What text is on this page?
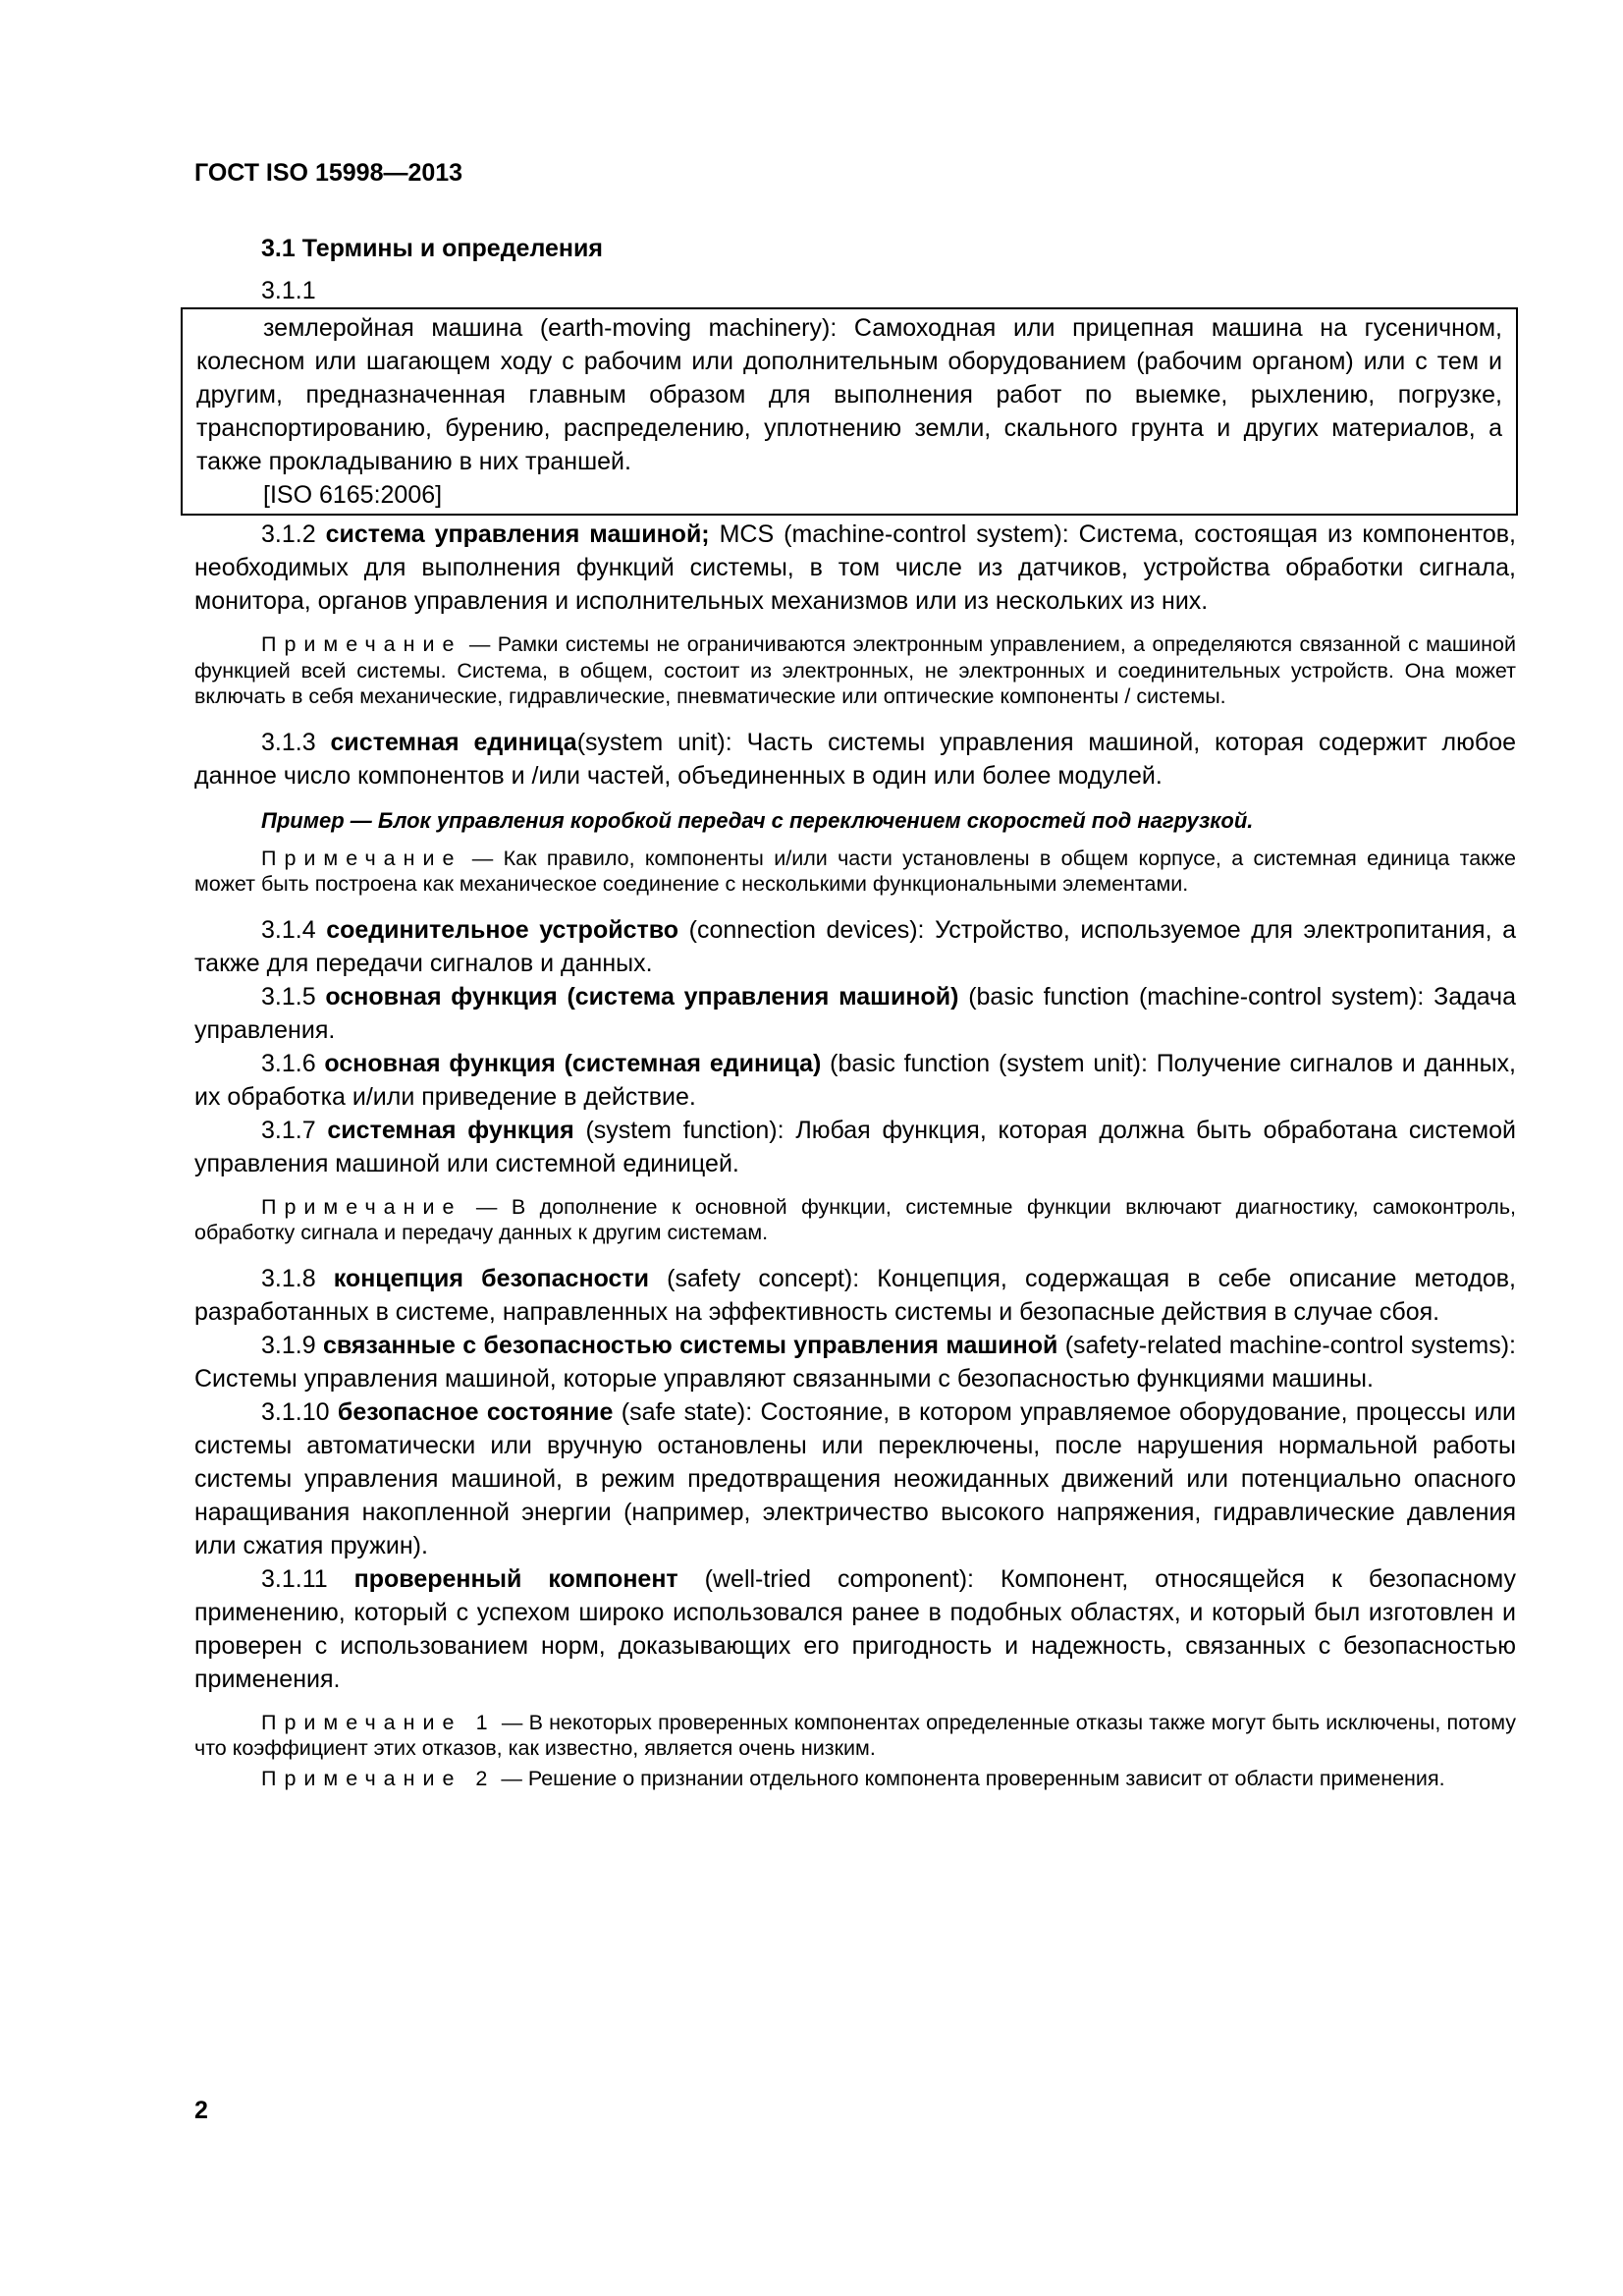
ГОСТ ISO 15998—2013
3.1 Термины и определения

3.1.1

землеройная машина (earth-moving machinery): Самоходная или прицепная машина на гусеничном, колесном или шагающем ходу с рабочим или дополнительным оборудованием (рабочим органом) или с тем и другим, предназначенная главным образом для выполнения работ по выемке, рыхлению, погрузке, транспортированию, бурению, распределению, уплотнению земли, скального грунта и других материалов, а также прокладыванию в них траншей.

[ISO 6165:2006]

3.1.2 система управления машиной; MCS (machine-control system): Система, состоящая из компонентов, необходимых для выполнения функций системы, в том числе из датчиков, устройства обработки сигнала, монитора, органов управления и исполнительных механизмов или из нескольких из них.

Примечание — Рамки системы не ограничиваются электронным управлением, а определяются связанной с машиной функцией всей системы. Система, в общем, состоит из электронных, не электронных и соединительных устройств. Она может включать в себя механические, гидравлические, пневматические или оптические компоненты / системы.

3.1.3 системная единица(system unit): Часть системы управления машиной, которая содержит любое данное число компонентов и /или частей, объединенных в один или более модулей.

Пример — Блок управления коробкой передач с переключением скоростей под нагрузкой.

Примечание — Как правило, компоненты и/или части установлены в общем корпусе, а системная единица также может быть построена как механическое соединение с несколькими функциональными элементами.

3.1.4 соединительное устройство (connection devices): Устройство, используемое для электропитания, а также для передачи сигналов и данных.

3.1.5 основная функция (система управления машиной) (basic function (machine-control system): Задача управления.

3.1.6 основная функция (системная единица) (basic function (system unit): Получение сигналов и данных, их обработка и/или приведение в действие.

3.1.7 системная функция (system function): Любая функция, которая должна быть обработана системой управления машиной или системной единицей.

Примечание — В дополнение к основной функции, системные функции включают диагностику, самоконтроль, обработку сигнала и передачу данных к другим системам.

3.1.8 концепция безопасности (safety concept): Концепция, содержащая в себе описание методов, разработанных в системе, направленных на эффективность системы и безопасные действия в случае сбоя.

3.1.9 связанные с безопасностью системы управления машиной (safety-related machine-control systems): Системы управления машиной, которые управляют связанными с безопасностью функциями машины.

3.1.10 безопасное состояние (safe state): Состояние, в котором управляемое оборудование, процессы или системы автоматически или вручную остановлены или переключены, после нарушения нормальной работы системы управления машиной, в режим предотвращения неожиданных движений или потенциально опасного наращивания накопленной энергии (например, электричество высокого напряжения, гидравлические давления или сжатия пружин).

3.1.11 проверенный компонент (well-tried component): Компонент, относящейся к безопасному применению, который с успехом широко использовался ранее в подобных областях, и который был изготовлен и проверен с использованием норм, доказывающих его пригодность и надежность, связанных с безопасностью применения.

Примечание 1 — В некоторых проверенных компонентах определенные отказы также могут быть исключены, потому что коэффициент этих отказов, как известно, является очень низким.

Примечание 2 — Решение о признании отдельного компонента проверенным зависит от области применения.

2
